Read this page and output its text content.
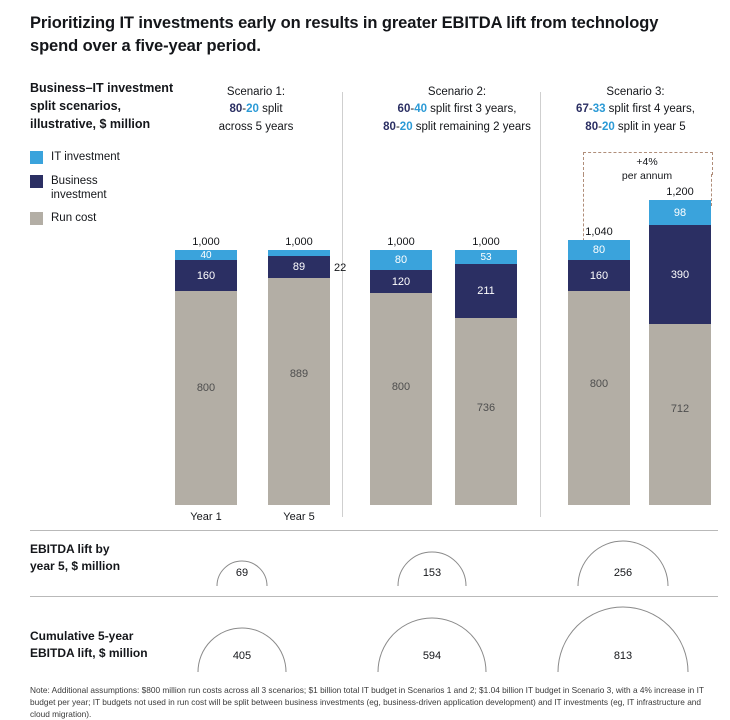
Prioritizing IT investments early on results in greater EBITDA lift from technology spend over a five-year period.
Business–IT investment split scenarios, illustrative, $ million
IT investment
Business investment
Run cost
Scenario 1:
80-20 split
across 5 years
Scenario 2:
60-40 split first 3 years,
80-20 split remaining 2 years
Scenario 3:
67-33 split first 4 years,
80-20 split in year 5
+4%
per annum
40
160
800
1,000
Year 1
89
889
22
1,000
Year 5
80
120
800
1,000
53
211
736
1,000
80
160
800
1,040
98
390
712
1,200
EBITDA lift by
year 5, $ million	69	153	256
Cumulative 5-year
EBITDA lift, $ million	405	594	813
Note: Additional assumptions: $800 million run costs across all 3 scenarios; $1 billion total IT budget in Scenarios 1 and 2; $1.04 billion IT budget in Scenario 3, with a 4% increase in IT budget per year; IT budgets not used in run cost will be split between business investments (eg, business-driven application development) and IT investments (eg, IT infrastructure and cloud migration).
